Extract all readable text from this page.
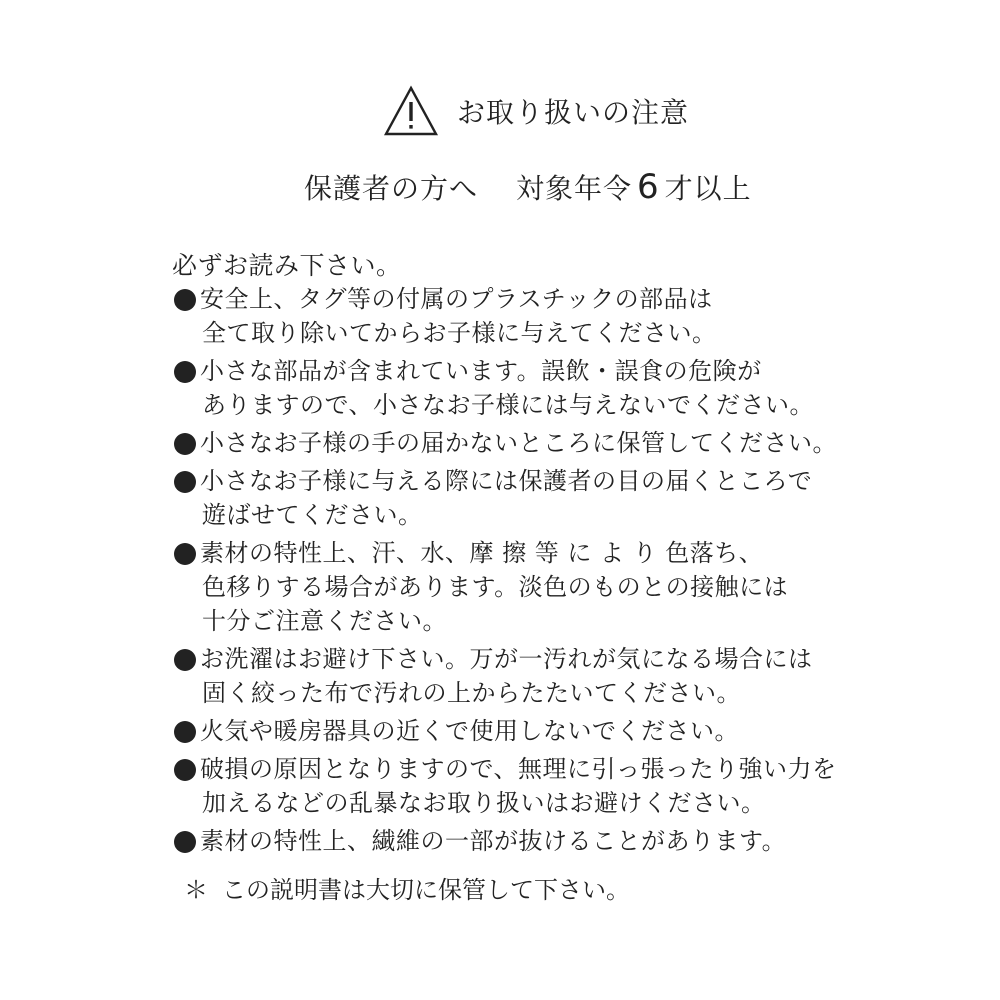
お取り扱いの注意
保護者の方へ 対象年令 6 才以上
必ずお読み下さい。
安全上、タグ等の付属のプラスチックの部品は
全て取り除いてからお子様に与えてください。
小さな部品が含まれています。誤飲・誤食の危険が
ありますので、小さなお子様には与えないでください。
小さなお子様の手の届かないところに保管してください。
小さなお子様に与える際には保護者の目の届くところで
遊ばせてください。
素材の特性上、汗、水、摩 擦 等 に よ り 色落ち、
色移りする場合があります。淡色のものとの接触には
十分ご注意ください。
お洗濯はお避け下さい。万が一汚れが気になる場合には
固く絞った布で汚れの上からたたいてください。
火気や暖房器具の近くで使用しないでください。
破損の原因となりますので、無理に引っ張ったり強い力を
加えるなどの乱暴なお取り扱いはお避けください。
素材の特性上、繊維の一部が抜けることがあります。
＊ この説明書は大切に保管して下さい。
